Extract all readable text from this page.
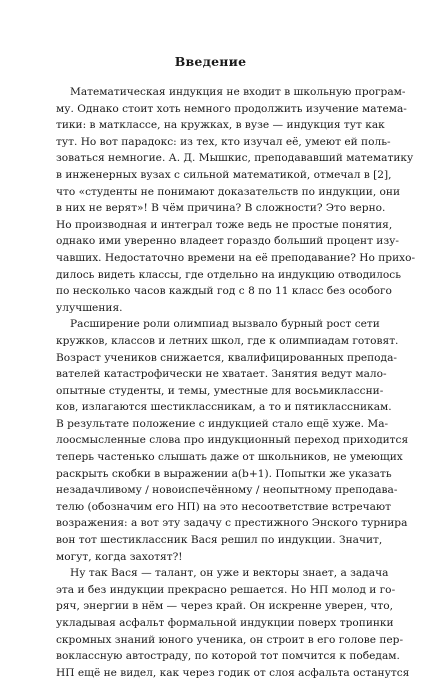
Введение
Математическая индукция не входит в школьную програм-
му. Однако стоит хоть немного продолжить изучение матема-
тики: в матклассе, на кружках, в вузе — индукция тут как
тут. Но вот парадокс: из тех, кто изучал её, умеют ей поль-
зоваться немногие. А. Д. Мышкис, преподававший математику
в инженерных вузах с сильной математикой, отмечал в [2],
что «студенты не понимают доказательств по индукции, они
в них не верят»! В чём причина? В сложности? Это верно.
Но производная и интеграл тоже ведь не простые понятия,
однако ими уверенно владеет гораздо больший процент изу-
чавших. Недостаточно времени на её преподавание? Но прихо-
дилось видеть классы, где отдельно на индукцию отводилось
по несколько часов каждый год с 8 по 11 класс без особого
улучшения.
Расширение роли олимпиад вызвало бурный рост сети
кружков, классов и летних школ, где к олимпиадам готовят.
Возраст учеников снижается, квалифицированных препода-
вателей катастрофически не хватает. Занятия ведут мало-
опытные студенты, и темы, уместные для восьмиклассни-
ков, излагаются шестиклассникам, а то и пятиклассникам.
В результате положение с индукцией стало ещё хуже. Ма-
лоосмысленные слова про индукционный переход приходится
теперь частенько слышать даже от школьников, не умеющих
раскрыть скобки в выражении a(b+1). Попытки же указать
незадачливому / новоиспечённому / неопытному преподава-
телю (обозначим его НП) на это несоответствие встречают
возражения: а вот эту задачу с престижного Энского турнира
вон тот шестиклассник Вася решил по индукции. Значит,
могут, когда захотят?!
Ну так Вася — талант, он уже и векторы знает, а задача
эта и без индукции прекрасно решается. Но НП молод и го-
ряч, энергии в нём — через край. Он искренне уверен, что,
укладывая асфальт формальной индукции поверх тропинки
скромных знаний юного ученика, он строит в его голове пер-
воклассную автостраду, по которой тот помчится к победам.
НП ещё не видел, как через годик от слоя асфальта останутся
